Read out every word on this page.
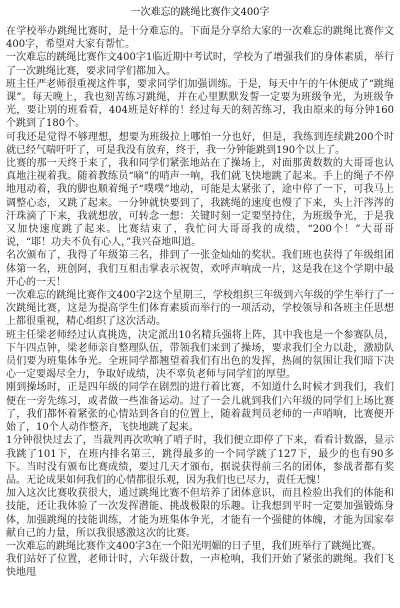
一次难忘的跳绳比赛作文400字

在学校举办跳绳比赛时，是十分难忘的。下面是分享给大家的一次难忘的跳绳比赛作文400字，希望对大家有帮忙。

一次难忘的跳绳比赛作文400字1临近期中考试时，学校为了增强我们的身体素质，举行了一次跳绳比赛，要求同学们都加入。

班主任严老师很重视这件事，要求同学们加强训练。于是，每天中午的午休便成了“跳绳课”。每天晚上，我也刻苦练习跳绳，并在心里默默发誓一定要为班级争光，为班级争光，要让别的班看看，404班是好样的！经过每天的刻苦练习，我由原来的每分钟160个跳到了180个。

可我还是觉得不够理想，想要为班级拉上哪怕一分也好，但是，我练到连续跳200个时就已经气喘吁吁了，可是我没有放弃，终于，我一分钟能跳到190个以上了。

比赛的那一天终于来了，我和同学们紧张地站在了操场上，对面那黄数数的大哥哥也认真地注视着我。随着教练员“嘀”的哨声一响，我们就飞快地跳了起来。手上的绳子不停地甩动着，我的脚也顺着绳子“噗噗”地动，可能是太紧张了，途中停了一下，可我马上调整心态，又跳了起来。一分钟就快要到了，我跳绳的速度也慢了下来，头上汗涔涔的汗珠滴了下来，我就想放，可转念一想：关键时刻一定要坚持住，为班级争光，于是我又加快速度跳了起来。比赛结束了，我忙问大哥哥我的成绩，“200个！”大哥哥说，“耶！功夫不负有心人，”我兴奋地叫道。

名次颁布了，我得了年级第三名，排到了一张金灿灿的奖状。我们班也获得了年级组团体第一名，班创阿，我们互相击掌表示祝贺，欢呼声响成一片，这是我在这个学期中最开心的一天！

一次难忘的跳绳比赛作文400字2这个星期三，学校组织三年级到六年级的学生举行了一次跳绳比赛，这是为提高学生们体育素质而举行的一项活动，学校领导和各班主任思想上都很重视，精心组织了这次活动。

班主任梁老师经过认真挑选，决定派出10名精兵强将上阵，其中我也是一个参赛队员，下午四点钟，梁老师亲自整理队伍，带领我们来到了操场，要求我们全力以赴，激励队员们要为班集体争光。全班同学都翘望着我们有出色的发挥，热闹的氛围让我们暗下决心一定要竭尽全力，争取好成绩，决不辜负老师与同学们的厚望。

刚到操场时，正是四年级的同学在剧烈的进行着比赛，不知道什么时候才到我们，我们便在一旁先练习，或者做一些准备运动。过了一会儿就到我们六年级的同学们上场比赛了，我们都怀着紧张的心情站到各自的位置上，随着裁判员老师的一声哨响，比赛便开始了，10个人动作整齐，飞快地跳了起来。

1分钟很快过去了，当裁判再次吹响了哨子时，我们便立即停了下来，看看计数器，显示我跳了101下，在班内排名第三，跳得最多的一个同学跳了127下，最少的也有90多下。当时没有颁布比赛成绩，要过几天才颁布，据说获得前三名的团体，参战者都有奖品。无论成果如何我们的心情都很乐观，因为我们也已尽力，责任无愧！

加入这次比赛收获很大，通过跳绳比赛不但培养了团体意识，而且检验出我们的体能和技能，还让我体验了一次发挥潜能、挑战极限的乐趣。让我想到平时一定要加强锻炼身体，加强跳绳的技能训练，才能为班集体争光，才能有一个强健的体魄，才能为国家奉献自己的力量，所以我很感激这次的比赛。

一次难忘的跳绳比赛作文400字3在一个阳光明媚的日子里，我们班举行了跳绳比赛。

我们站好了位置，老师计时，六年级计数，一声枪响，我们开始了紧张的跳绳。我们飞快地甩
